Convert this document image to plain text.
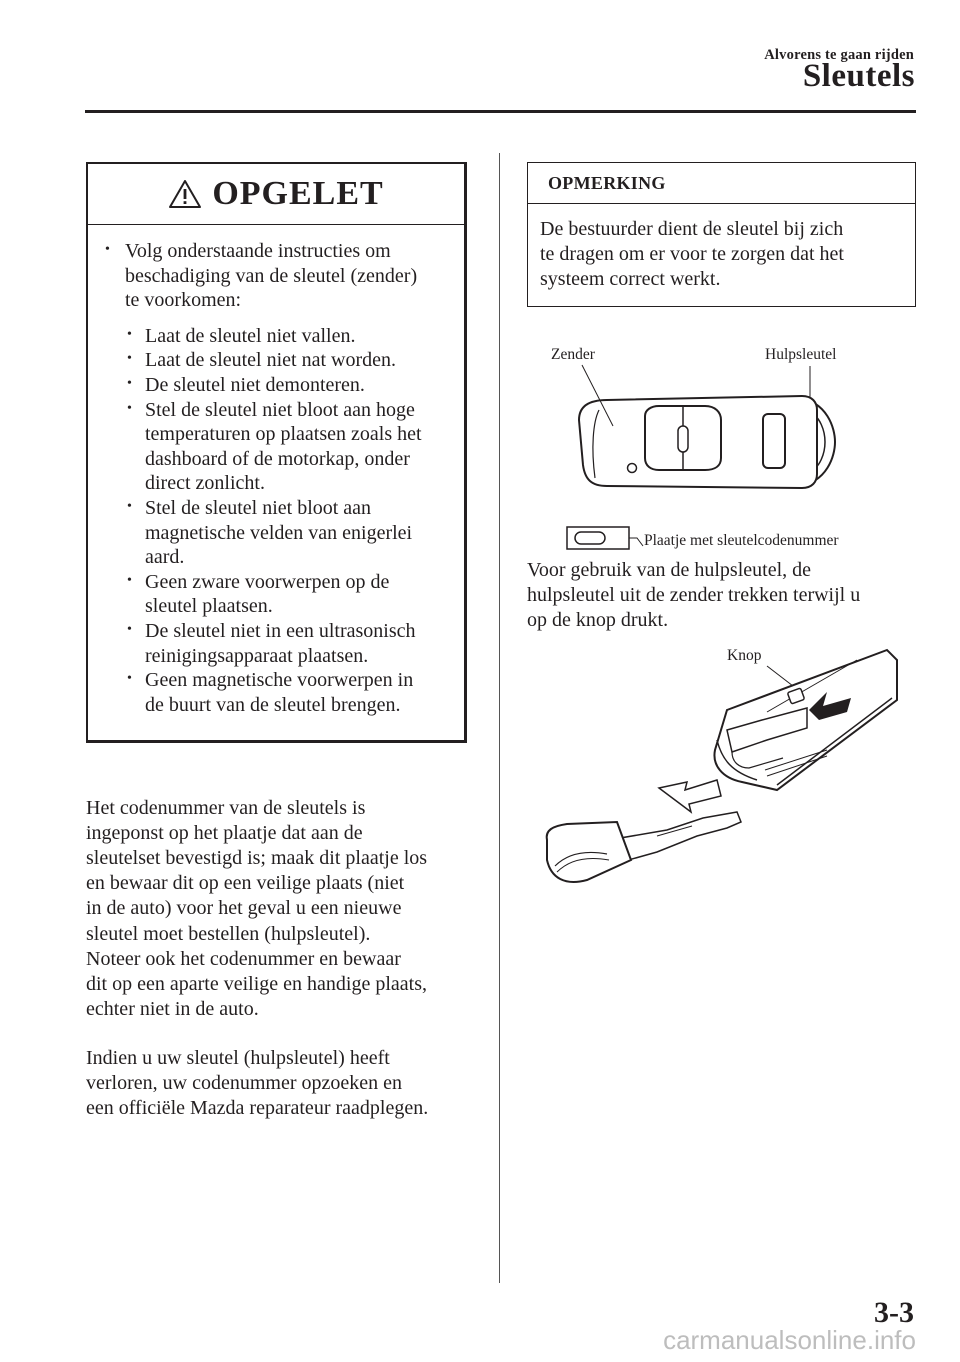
Alvorens te gaan rijden
Sleutels
OPGELET
• Volg onderstaande instructies om
beschadiging van de sleutel (zender)
te voorkomen:
• Laat de sleutel niet vallen.
• Laat de sleutel niet nat worden.
• De sleutel niet demonteren.
• Stel de sleutel niet bloot aan hoge
temperaturen op plaatsen zoals het
dashboard of de motorkap, onder
direct zonlicht.
• Stel de sleutel niet bloot aan
magnetische velden van enigerlei
aard.
• Geen zware voorwerpen op de
sleutel plaatsen.
• De sleutel niet in een ultrasonisch
reinigingsapparaat plaatsen.
• Geen magnetische voorwerpen in
de buurt van de sleutel brengen.
Het codenummer van de sleutels is
ingeponst op het plaatje dat aan de
sleutelset bevestigd is; maak dit plaatje los
en bewaar dit op een veilige plaats (niet
in de auto) voor het geval u een nieuwe
sleutel moet bestellen (hulpsleutel).
Noteer ook het codenummer en bewaar
dit op een aparte veilige en handige plaats,
echter niet in de auto.
Indien u uw sleutel (hulpsleutel) heeft
verloren, uw codenummer opzoeken en
een officiële Mazda reparateur raadplegen.
OPMERKING
De bestuurder dient de sleutel bij zich
te dragen om er voor te zorgen dat het
systeem correct werkt.
Zender	Hulpsleutel
Plaatje met sleutelcodenummer
Voor gebruik van de hulpsleutel, de
hulpsleutel uit de zender trekken terwijl u
op de knop drukt.
Knop
3-3
carmanualsonline.info
